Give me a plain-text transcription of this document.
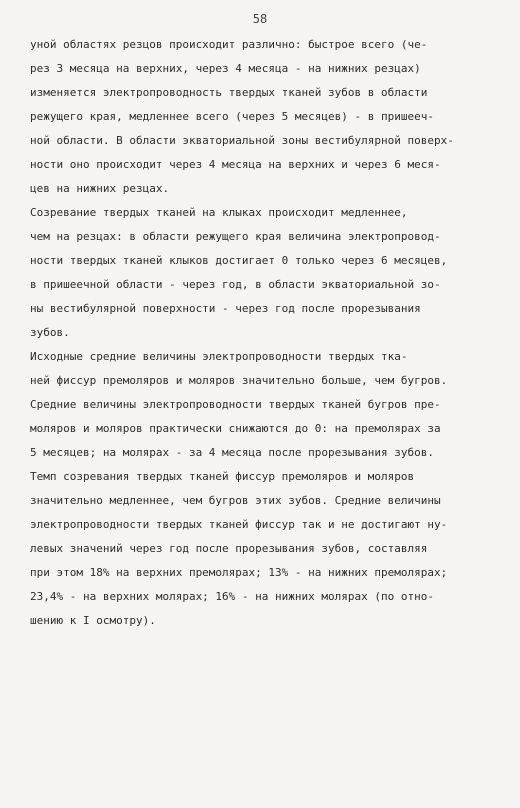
58

уной областях резцов происходит различно: быстрое всего (че-
рез 3 месяца на верхних, через 4 месяца - на нижних резцах)
изменяется электропроводность твердых тканей зубов в области
режущего края, медленнее всего (через 5 месяцев) - в пришееч-
ной области. В области экваториальной зоны вестибулярной поверх-
ности оно происходит через 4 месяца на верхних и через 6 меся-
цев на нижних резцах.

Созревание твердых тканей на клыках происходит медленнее,
чем на резцах: в области режущего края величина электропровод-
ности твердых тканей клыков достигает 0 только через 6 месяцев,
в пришеечной области - через год, в области экваториальной зо-
ны вестибулярной поверхности - через год после прорезывания
зубов.

Исходные средние величины электропроводности твердых тка-
ней фиссур премоляров и моляров значительно больше, чем бугров.
Средние величины электропроводности твердых тканей бугров пре-
моляров и моляров практически снижаются до 0: на премолярах за
5 месяцев; на молярах - за 4 месяца после прорезывания зубов.

Темп созревания твердых тканей фиссур премоляров и моляров
значительно медленнее, чем бугров этих зубов. Средние величины
электропроводности твердых тканей фиссур так и не достигают ну-
левых значений через год после прорезывания зубов, составляя
при этом 18% на верхних премолярах; 13% - на нижних премолярах;
23,4% - на верхних молярах; 16% - на нижних молярах (по отно-
шению к I осмотру).
